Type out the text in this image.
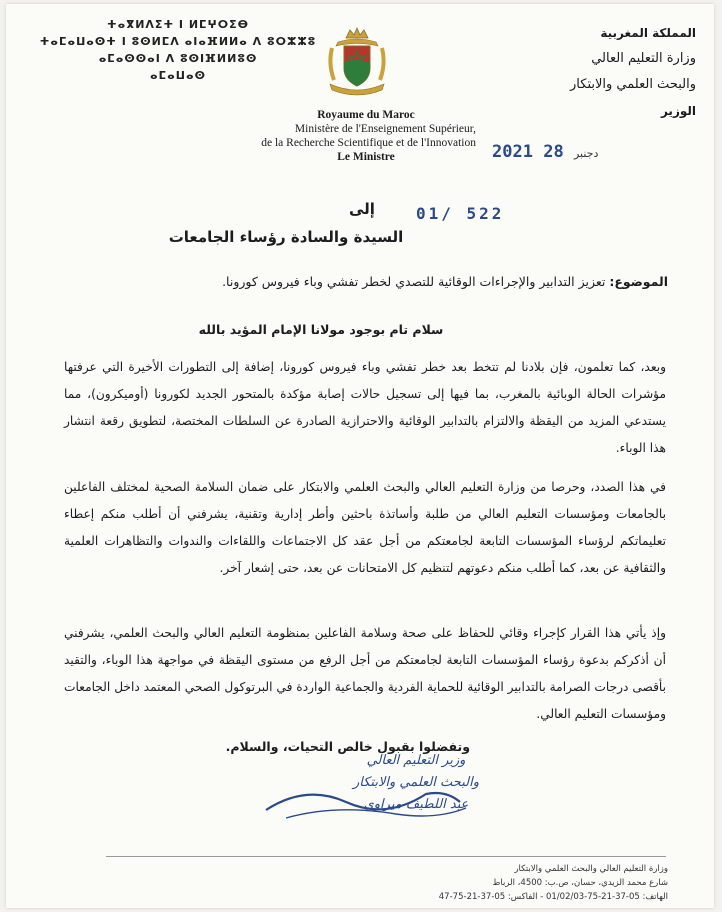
ⵜⴰⴳⵍⴷⵉⵜ ⵏ ⵍⵎⵖⵔⵉⴱ
ⵜⴰⵎⴰⵡⴰⵙⵜ ⵏ ⵓⵙⵍⵎⴷ ⴰⵏⴰⴼⵍⵍⴰ ⴷ ⵓⵔⵣⵣⵓ
ⴰⵎⴰⵙⵙⴰⵏ ⴷ ⵓⵙⵏⴼⵍⵍⵓⵙ
ⴰⵎⴰⵡⴰⵙ
المملكة المغربية
وزارة التعليم العالي
والبحث العلمي والابتكار
الوزير
Royaume du Maroc
Ministère de l'Enseignement Supérieur,
de la Recherche Scientifique et de l'Innovation
Le Ministre	2021	دجنبر 28
01/ 522
إلى
السيدة والسادة رؤساء الجامعات
الموضوع: تعزيز التدابير والإجراءات الوقائية للتصدي لخطر تفشي وباء فيروس كورونا.
سلام تام بوجود مولانا الإمام المؤيد بالله
وبعد، كما تعلمون، فإن بلادنا لم تتخط بعد خطر تفشي وباء فيروس كورونا، إضافة إلى التطورات الأخيرة التي عرفتها مؤشرات الحالة الوبائية بالمغرب، بما فيها إلى تسجيل حالات إصابة مؤكدة بالمتحور الجديد لكورونا (أوميكرون)، مما يستدعي المزيد من اليقظة والالتزام بالتدابير الوقائية والاحترازية الصادرة عن السلطات المختصة، لتطويق رقعة انتشار هذا الوباء.
في هذا الصدد، وحرصا من وزارة التعليم العالي والبحث العلمي والابتكار على ضمان السلامة الصحية لمختلف الفاعلين بالجامعات ومؤسسات التعليم العالي من طلبة وأساتذة باحثين وأطر إدارية وتقنية، يشرفني أن أطلب منكم إعطاء تعليماتكم لرؤساء المؤسسات التابعة لجامعتكم من أجل عقد كل الاجتماعات واللقاءات والندوات والتظاهرات العلمية والثقافية عن بعد، كما أطلب منكم دعوتهم لتنظيم كل الامتحانات عن بعد، حتى إشعار آخر.
وإذ يأتي هذا القرار كإجراء وقائي للحفاظ على صحة وسلامة الفاعلين بمنظومة التعليم العالي والبحث العلمي، يشرفني أن أذكركم بدعوة رؤساء المؤسسات التابعة لجامعتكم من أجل الرفع من مستوى اليقظة في مواجهة هذا الوباء، والتقيد بأقصى درجات الصرامة بالتدابير الوقائية للحماية الفردية والجماعية الواردة في البرتوكول الصحي المعتمد داخل الجامعات ومؤسسات التعليم العالي.
وتفضلوا بقبول خالص التحيات، والسلام.
وزير التعليم العالي
والبحث العلمي والابتكار
عبد اللطيف ميراوي
وزارة التعليم العالي والبحث العلمي والابتكار
شارع محمد الزيدي، حسان، ص.ب: 4500، الرباط
الهاتف: 05-37-21-75-01/02/03 - الفاكس: 05-37-21-75-47
